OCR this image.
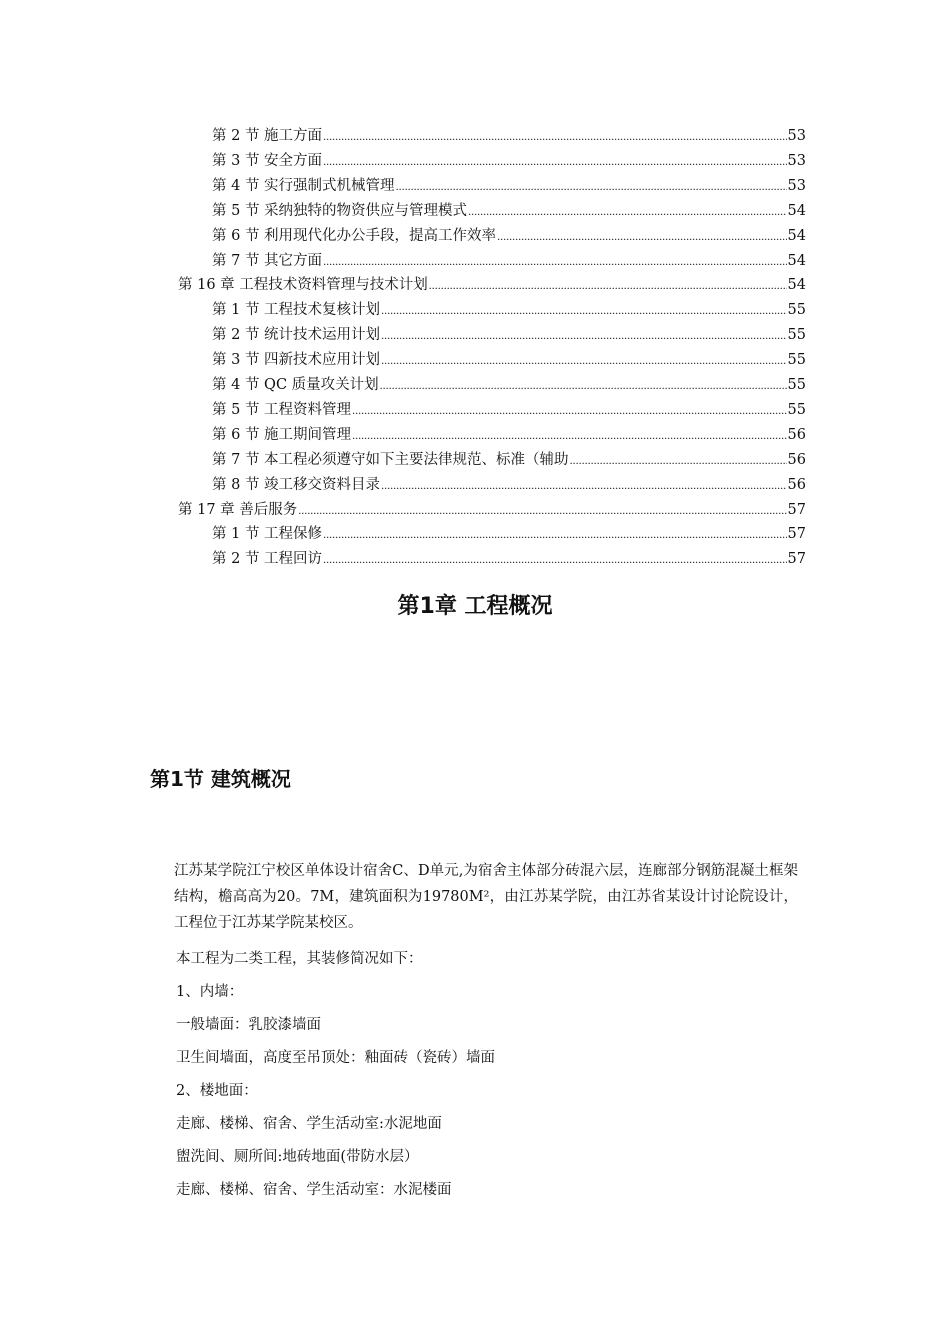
第 2 节 施工方面 .....	53
第 3 节 安全方面 .....	53
第 4 节 实行强制式机械管理 .....	53
第 5 节 采纳独特的物资供应与管理模式 .....	54
第 6 节 利用现代化办公手段，提高工作效率 .....	54
第 7 节 其它方面 .....	54
第 16 章 工程技术资料管理与技术计划 .....	54
第 1 节 工程技术复核计划 .....	55
第 2 节 统计技术运用计划 .....	55
第 3 节 四新技术应用计划 .....	55
第 4 节 QC 质量攻关计划 .....	55
第 5 节 工程资料管理 .....	55
第 6 节 施工期间管理 .....	56
第 7 节 本工程必须遵守如下主要法律规范、标准（辅助 .....	56
第 8 节 竣工移交资料目录 .....	56
第 17 章 善后服务 .....	57
第 1 节 工程保修 .....	57
第 2 节 工程回访 .....	57
第1章 工程概况
第1节 建筑概况

江苏某学院江宁校区单体设计宿舍C、D单元,为宿舍主体部分砖混六层，连廊部分钢筋混凝土框架结构，檐高高为20。7M，建筑面积为19780M²，由江苏某学院，由江苏省某设计讨论院设计，工程位于江苏某学院某校区。

本工程为二类工程，其装修简况如下：

1、内墙：

一般墙面：乳胶漆墙面

卫生间墙面，高度至吊顶处：釉面砖（瓷砖）墙面

2、楼地面：

走廊、楼梯、宿舍、学生活动室:水泥地面

盥洗间、厕所间:地砖地面(带防水层）

走廊、楼梯、宿舍、学生活动室：水泥楼面
